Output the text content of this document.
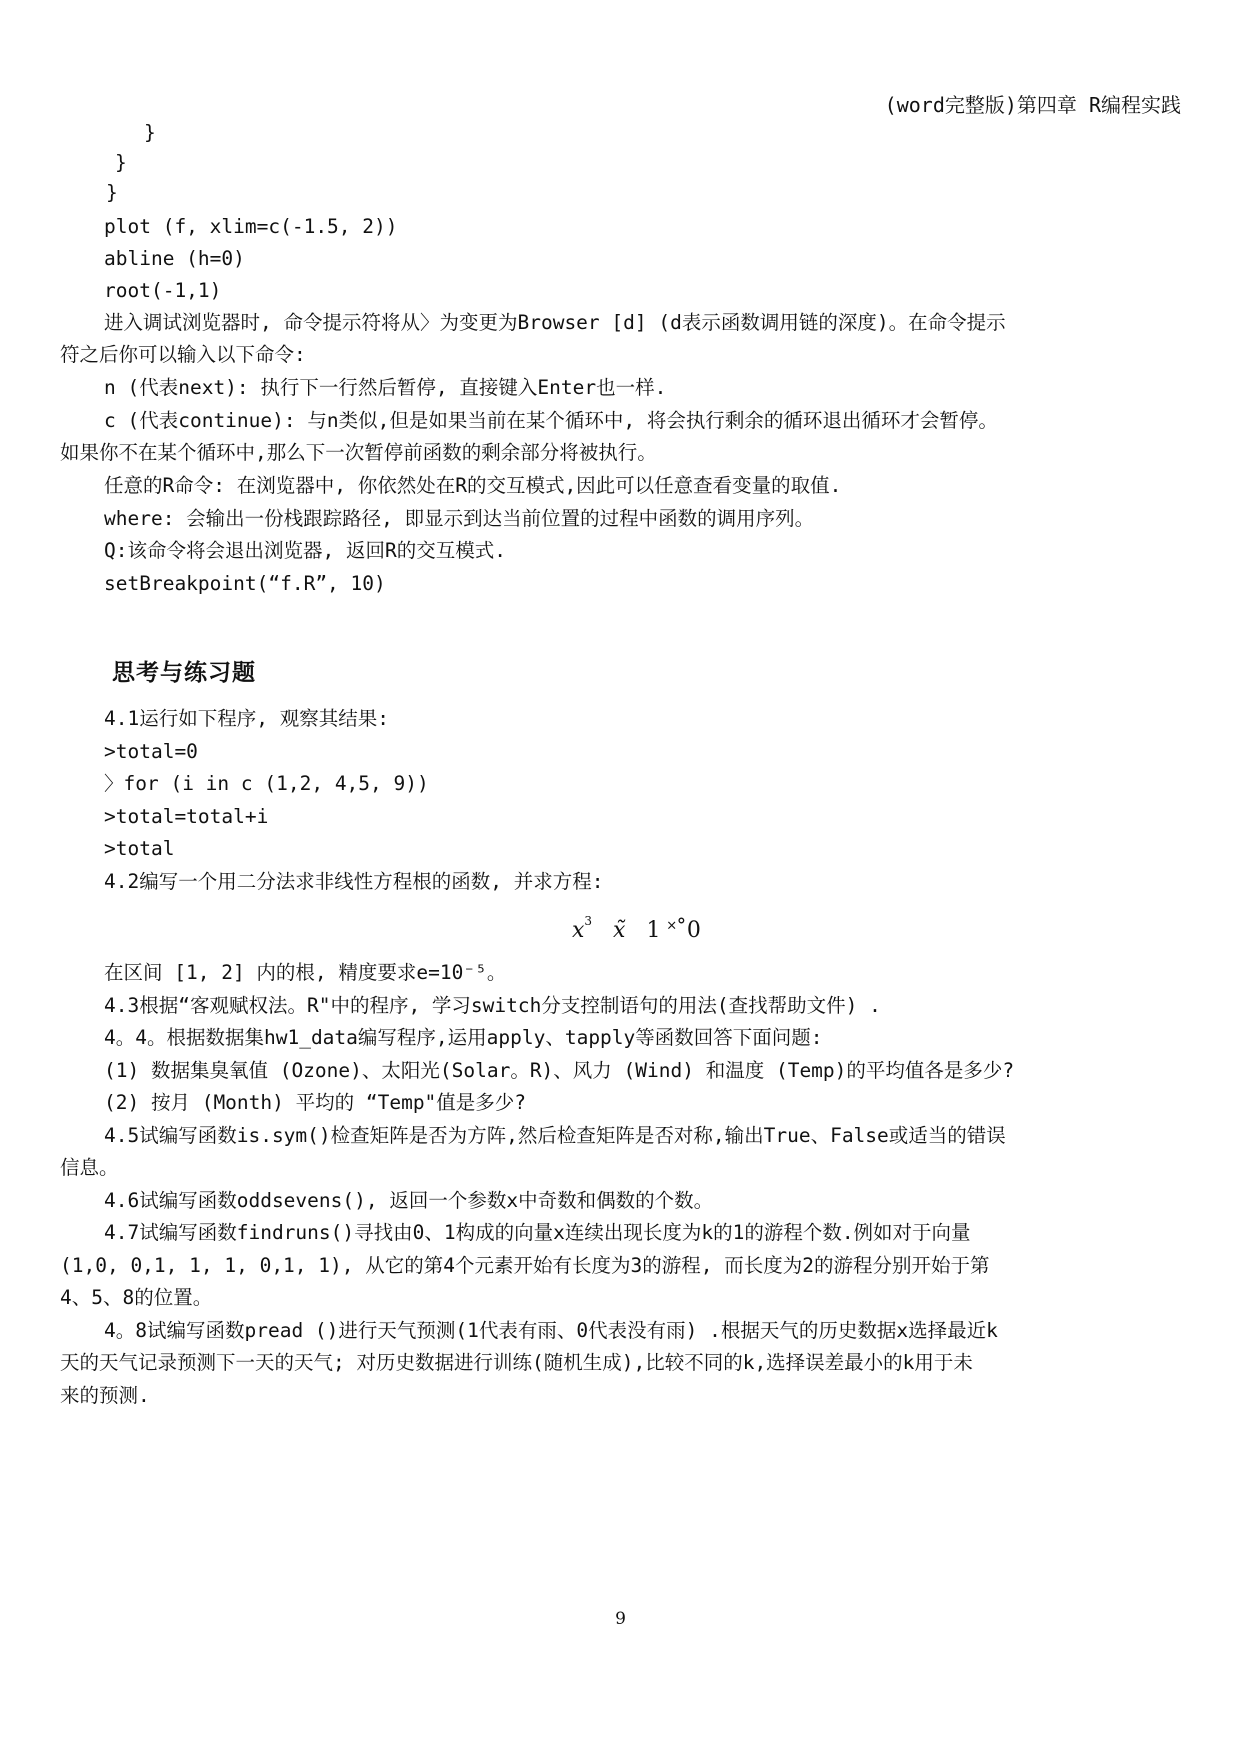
(word完整版)第四章 R编程实践
}
}
}
plot (f, xlim=c(-1.5, 2))
abline (h=0)
root(-1,1)
进入调试浏览器时, 命令提示符将从〉为变更为Browser [d] (d表示函数调用链的深度)。在命令提示
符之后你可以输入以下命令:
n (代表next): 执行下一行然后暂停, 直接键入Enter也一样.
c (代表continue): 与n类似,但是如果当前在某个循环中, 将会执行剩余的循环退出循环才会暂停。
如果你不在某个循环中,那么下一次暂停前函数的剩余部分将被执行。
任意的R命令: 在浏览器中, 你依然处在R的交互模式,因此可以任意查看变量的取值.
where: 会输出一份栈跟踪路径, 即显示到达当前位置的过程中函数的调用序列。
Q:该命令将会退出浏览器, 返回R的交互模式.
setBreakpoint(“f.R”, 10)
思考与练习题
4.1运行如下程序, 观察其结果:
>total=0
〉for (i in c (1,2, 4,5, 9))
>total=total+i
>total
4.2编写一个用二分法求非线性方程根的函数, 并求方程:
$x^3$ x̃ 1 ˟˚0
在区间 [1, 2] 内的根, 精度要求e=10⁻⁵。
4.3根据“客观赋权法。R"中的程序, 学习switch分支控制语句的用法(查找帮助文件) .
4。4。根据数据集hw1_data编写程序,运用apply、tapply等函数回答下面问题:
(1) 数据集臭氧值 (Ozone)、太阳光(Solar。R)、风力 (Wind) 和温度 (Temp)的平均值各是多少?
(2) 按月 (Month) 平均的 “Temp"值是多少?
4.5试编写函数is.sym()检查矩阵是否为方阵,然后检查矩阵是否对称,输出True、False或适当的错误
信息。
4.6试编写函数oddsevens(), 返回一个参数x中奇数和偶数的个数。
4.7试编写函数findruns()寻找由0、1构成的向量x连续出现长度为k的1的游程个数.例如对于向量
(1,0, 0,1, 1, 1, 0,1, 1), 从它的第4个元素开始有长度为3的游程, 而长度为2的游程分别开始于第
4、5、8的位置。
4。8试编写函数pread ()进行天气预测(1代表有雨、0代表没有雨) .根据天气的历史数据x选择最近k
天的天气记录预测下一天的天气; 对历史数据进行训练(随机生成),比较不同的k,选择误差最小的k用于未
来的预测.
9
